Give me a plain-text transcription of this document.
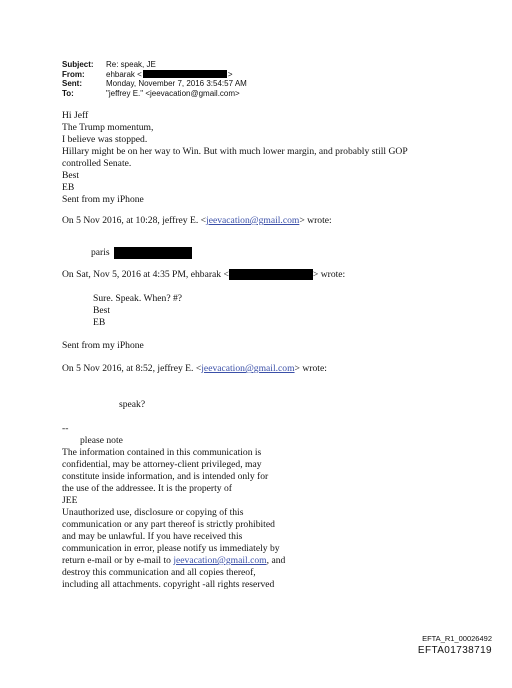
Subject:	Re: speak, JE
From:	ehbarak <	>
Sent:	Monday, November 7, 2016 3:54:57 AM
To:	"jeffrey E." <jeevacation@gmail.com>
Hi Jeff
The Trump momentum,
I believe was stopped.
Hillary might be on her way to Win. But with much lower margin, and probably still GOP
controlled Senate.
Best
EB
Sent from my iPhone
On 5 Nov 2016, at 10:28, jeffrey E. <jeevacation@gmail.com> wrote:
paris
On Sat, Nov 5, 2016 at 4:35 PM, ehbarak <	> wrote:
Sure. Speak. When? #?
Best
EB
Sent from my iPhone
On 5 Nov 2016, at 8:52, jeffrey E. <jeevacation@gmail.com> wrote:
speak?
--
please note
The information contained in this communication is
confidential, may be attorney-client privileged, may
constitute inside information, and is intended only for
the use of the addressee. It is the property of
JEE
Unauthorized use, disclosure or copying of this
communication or any part thereof is strictly prohibited
and may be unlawful. If you have received this
communication in error, please notify us immediately by
return e-mail or by e-mail to jeevacation@gmail.com, and
destroy this communication and all copies thereof,
including all attachments. copyright -all rights reserved
EFTA_R1_00026492
EFTA01738719
